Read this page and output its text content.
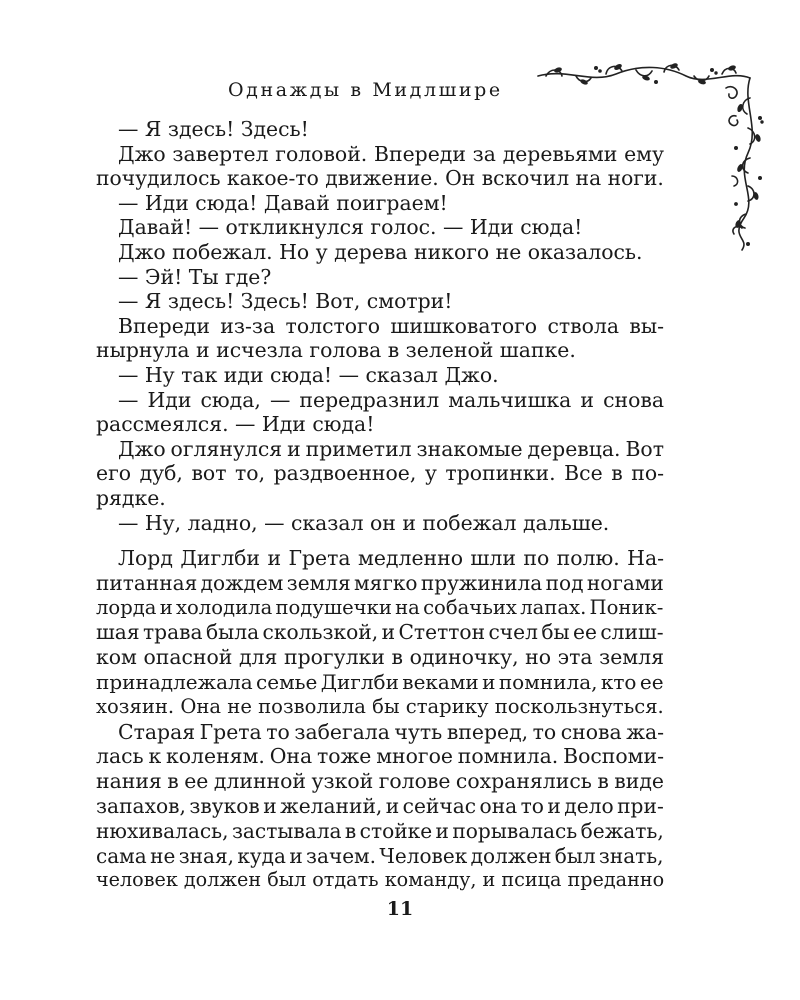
Однажды в Мидлшире
— Я здесь! Здесь!
Джо завертел головой. Впереди за деревьями ему
почудилось какое-то движение. Он вскочил на ноги.
— Иди сюда! Давай поиграем!
Давай! — откликнулся голос. — Иди сюда!
Джо побежал. Но у дерева никого не оказалось.
— Эй! Ты где?
— Я здесь! Здесь! Вот, смотри!
Впереди из-за толстого шишковатого ствола вы-
нырнула и исчезла голова в зеленой шапке.
— Ну так иди сюда! — сказал Джо.
— Иди сюда, — передразнил мальчишка и снова
рассмеялся. — Иди сюда!
Джо оглянулся и приметил знакомые деревца. Вот
его дуб, вот то, раздвоенное, у тропинки. Все в по-
рядке.
— Ну, ладно, — сказал он и побежал дальше.
Лорд Диглби и Грета медленно шли по полю. На-
питанная дождем земля мягко пружинила под ногами
лорда и холодила подушечки на собачьих лапах. Поник-
шая трава была скользкой, и Стеттон счел бы ее слиш-
ком опасной для прогулки в одиночку, но эта земля
принадлежала семье Диглби веками и помнила, кто ее
хозяин. Она не позволила бы старику поскользнуться.
Старая Грета то забегала чуть вперед, то снова жа-
лась к коленям. Она тоже многое помнила. Воспоми-
нания в ее длинной узкой голове сохранялись в виде
запахов, звуков и желаний, и сейчас она то и дело при-
нюхивалась, застывала в стойке и порывалась бежать,
сама не зная, куда и зачем. Человек должен был знать,
человек должен был отдать команду, и псица преданно
11
